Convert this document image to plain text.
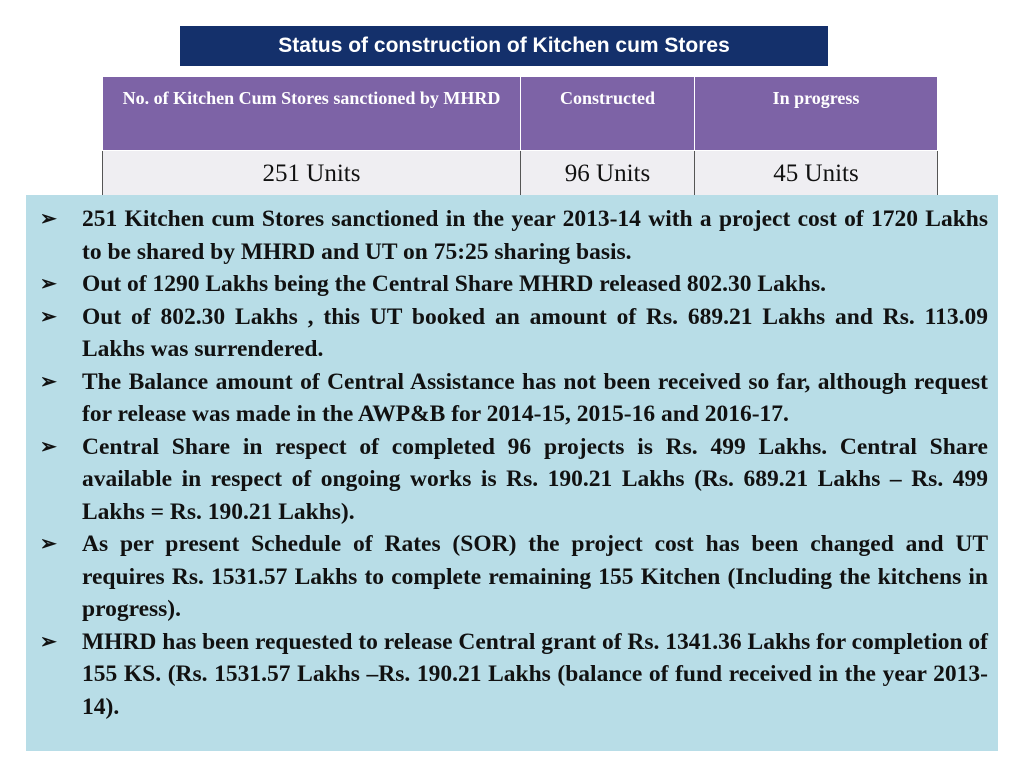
Status of construction of Kitchen cum Stores
No. of Kitchen Cum Stores sanctioned by MHRD	Constructed	In progress
251 Units	96 Units	45 Units
➢	251 Kitchen cum Stores sanctioned in the year 2013-14 with a project cost of 1720 Lakhs to be shared by MHRD and UT on 75:25 sharing basis.
➢	Out of 1290 Lakhs being the Central Share MHRD released 802.30 Lakhs.
➢	Out of 802.30 Lakhs , this UT booked an amount of Rs. 689.21 Lakhs and Rs. 113.09 Lakhs was surrendered.
➢	The Balance amount of Central Assistance has not been received so far, although request for release was made in the AWP&B for 2014-15, 2015-16 and 2016-17.
➢	Central Share in respect of completed 96 projects is Rs. 499 Lakhs. Central Share available in respect of ongoing works is Rs. 190.21 Lakhs (Rs. 689.21 Lakhs – Rs. 499 Lakhs = Rs. 190.21 Lakhs).
➢	As per present Schedule of Rates (SOR) the project cost has been changed and UT requires Rs. 1531.57 Lakhs to complete remaining 155 Kitchen (Including the kitchens in progress).
➢	MHRD has been requested to release Central grant of Rs. 1341.36 Lakhs for completion of 155 KS. (Rs. 1531.57 Lakhs –Rs. 190.21 Lakhs (balance of fund received in the year 2013-14).
